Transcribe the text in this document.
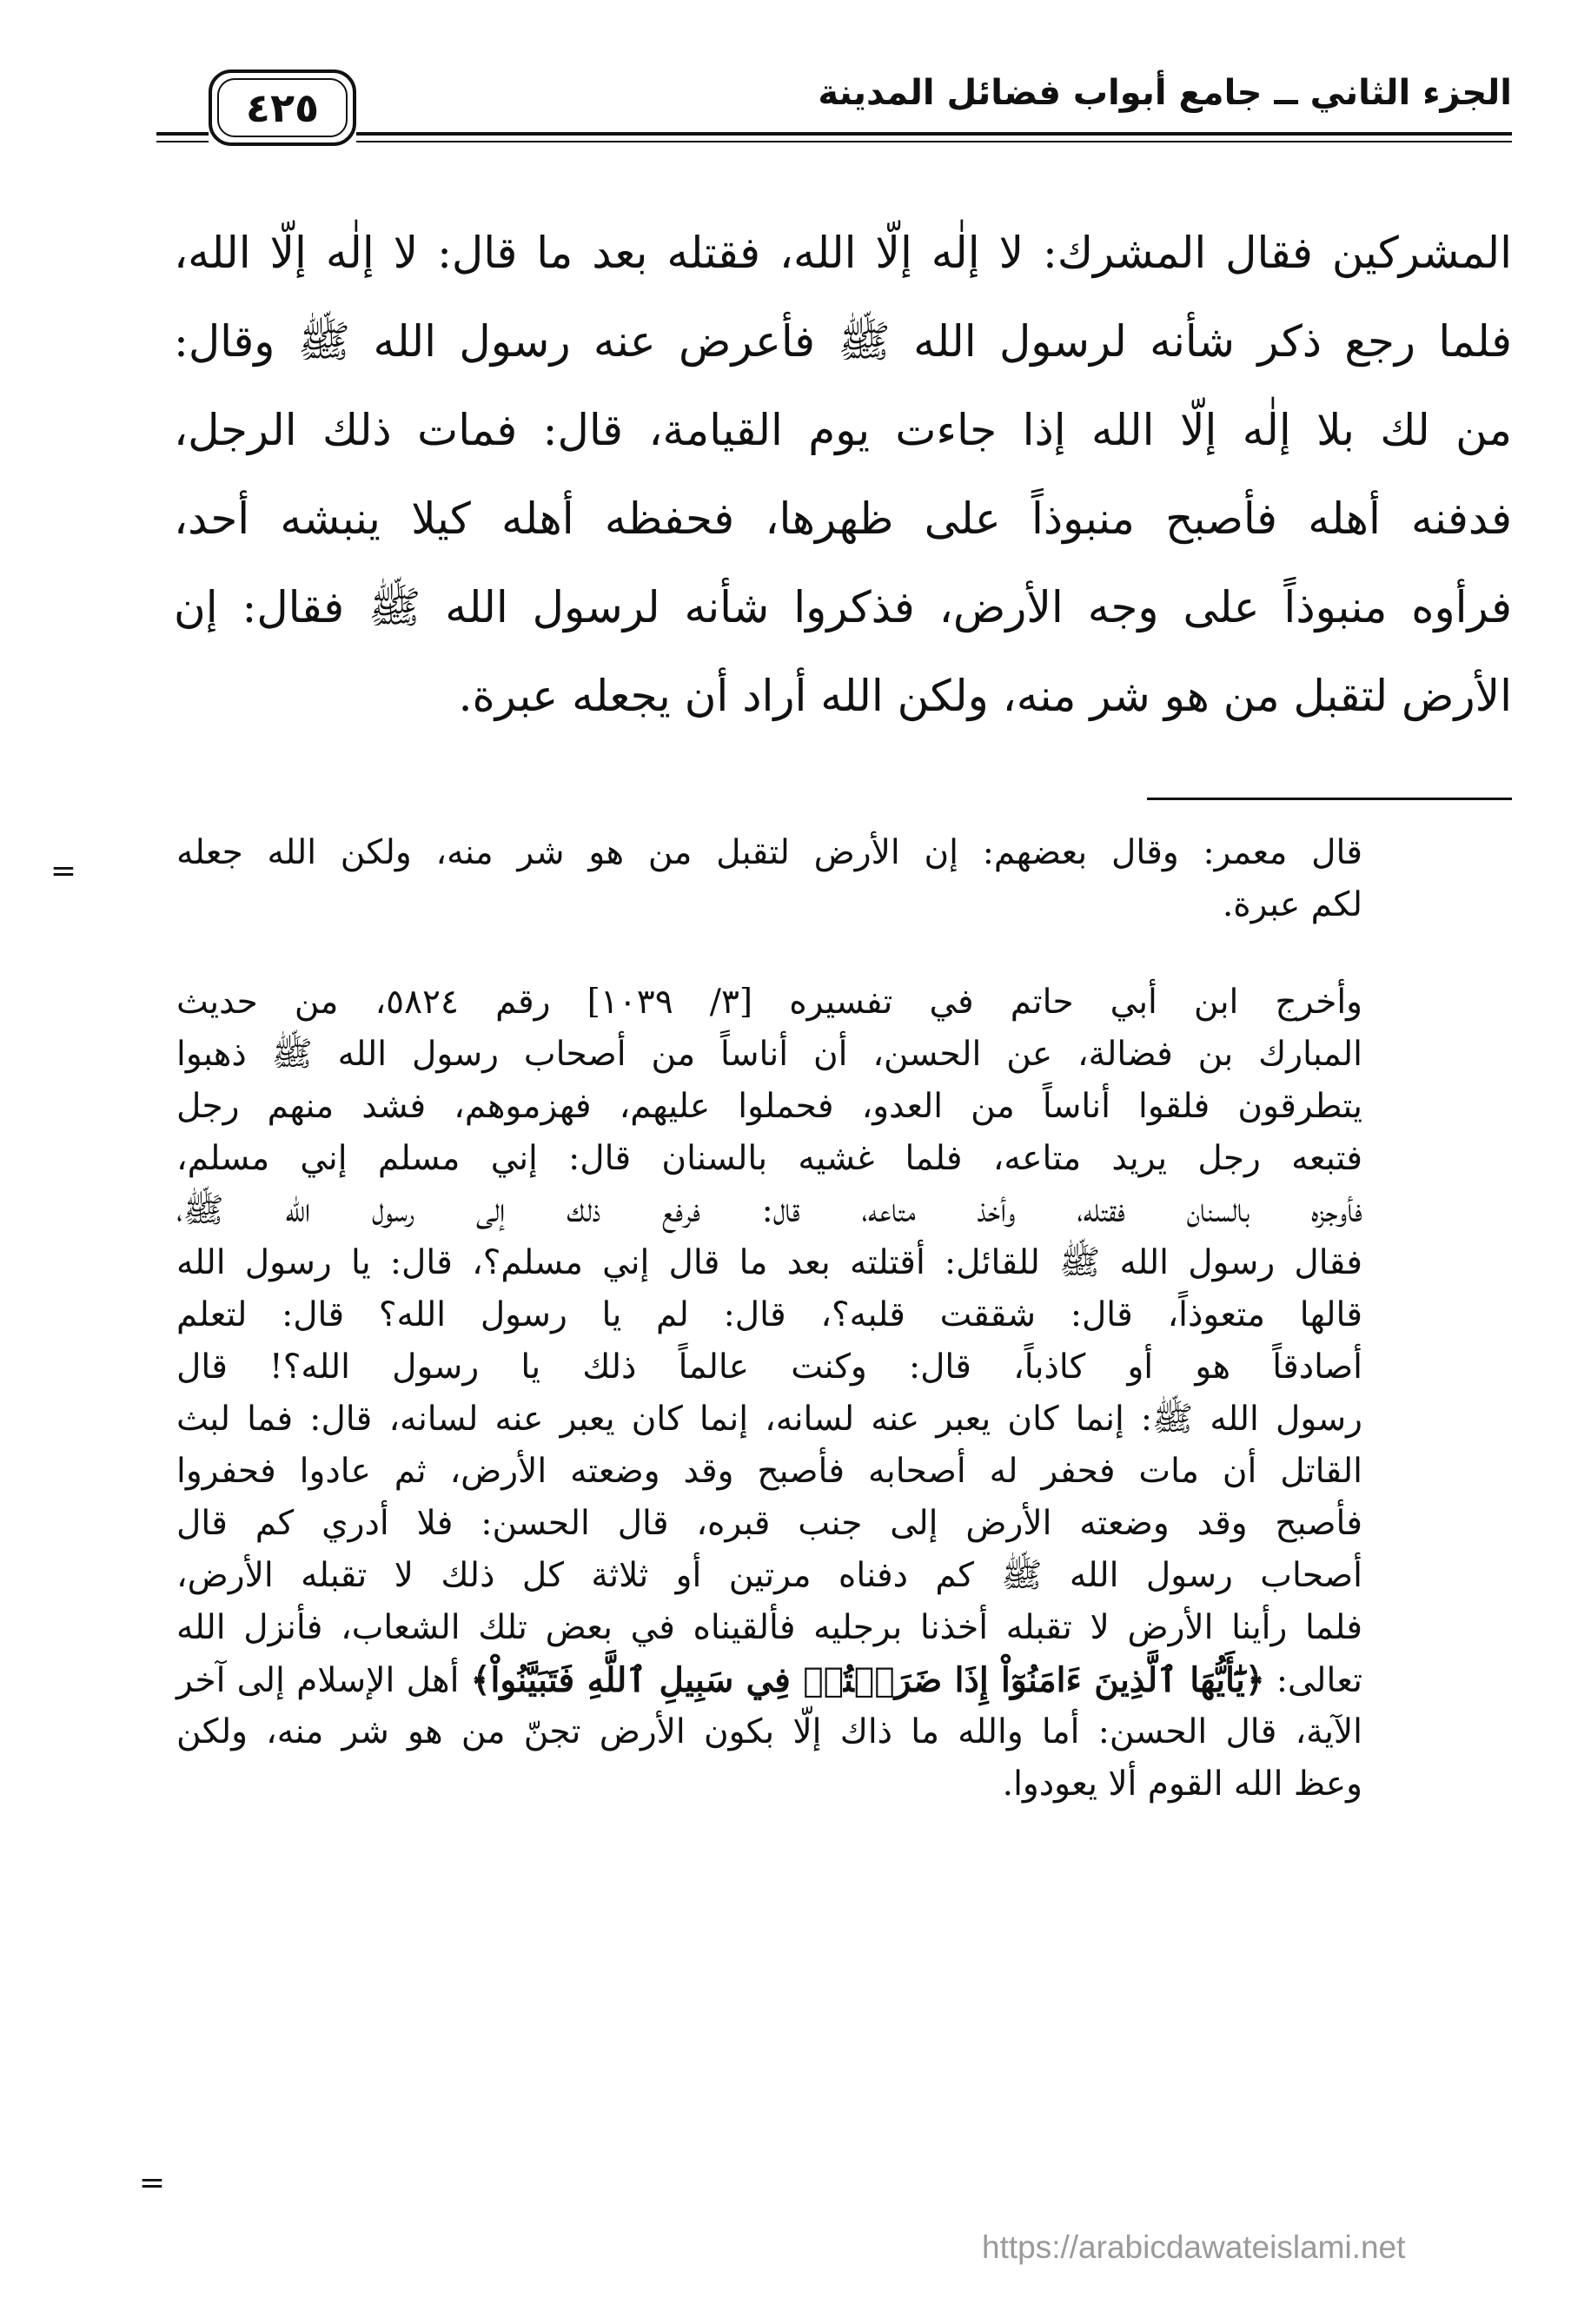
الجزء الثاني ــ جامع أبواب فضائل المدينة
٤٢٥
المشركين فقال المشرك: لا إلٰه إلّا الله، فقتله بعد ما قال: لا إلٰه إلّا الله،
فلما رجع ذكر شأنه لرسول الله ﷺ فأعرض عنه رسول الله ﷺ وقال:
من لك بلا إلٰه إلّا الله إذا جاءت يوم القيامة، قال: فمات ذلك الرجل،
فدفنه أهله فأصبح منبوذاً على ظهرها، فحفظه أهله كيلا ينبشه أحد،
فرأوه منبوذاً على وجه الأرض، فذكروا شأنه لرسول الله ﷺ فقال: إن
الأرض لتقبل من هو شر منه، ولكن الله أراد أن يجعله عبرة.
=
=
قال معمر: وقال بعضهم: إن الأرض لتقبل من هو شر منه، ولكن الله جعله
لكم عبرة.
وأخرج ابن أبي حاتم في تفسيره [٣/ ١٠٣٩] رقم ٥٨٢٤، من حديث
المبارك بن فضالة، عن الحسن، أن أناساً من أصحاب رسول الله ﷺ ذهبوا
يتطرقون فلقوا أناساً من العدو، فحملوا عليهم، فهزموهم، فشد منهم رجل
فتبعه رجل يريد متاعه، فلما غشيه بالسنان قال: إني مسلم إني مسلم،
فأوجزه بالسنان فقتله، وأخذ متاعه، قال: فرفع ذلك إلى رسول الله ﷺ،
فقال رسول الله ﷺ للقائل: أقتلته بعد ما قال إني مسلم؟، قال: يا رسول الله
قالها متعوذاً، قال: شققت قلبه؟، قال: لم يا رسول الله؟ قال: لتعلم
أصادقاً هو أو كاذباً، قال: وكنت عالماً ذلك يا رسول الله؟! قال
رسول الله ﷺ: إنما كان يعبر عنه لسانه، إنما كان يعبر عنه لسانه، قال: فما لبث
القاتل أن مات فحفر له أصحابه فأصبح وقد وضعته الأرض، ثم عادوا فحفروا
فأصبح وقد وضعته الأرض إلى جنب قبره، قال الحسن: فلا أدري كم قال
أصحاب رسول الله ﷺ كم دفناه مرتين أو ثلاثة كل ذلك لا تقبله الأرض،
فلما رأينا الأرض لا تقبله أخذنا برجليه فألقيناه في بعض تلك الشعاب، فأنزل الله
تعالى: ﴿يَٰٓأَيُّهَا ٱلَّذِينَ ءَامَنُوٓاْ إِذَا ضَرَبۡتُمۡ فِي سَبِيلِ ٱللَّهِ فَتَبَيَّنُواْ﴾ أهل الإسلام إلى آخر
الآية، قال الحسن: أما والله ما ذاك إلّا بكون الأرض تجنّ من هو شر منه، ولكن
وعظ الله القوم ألا يعودوا.
https://arabicdawateislami.net
